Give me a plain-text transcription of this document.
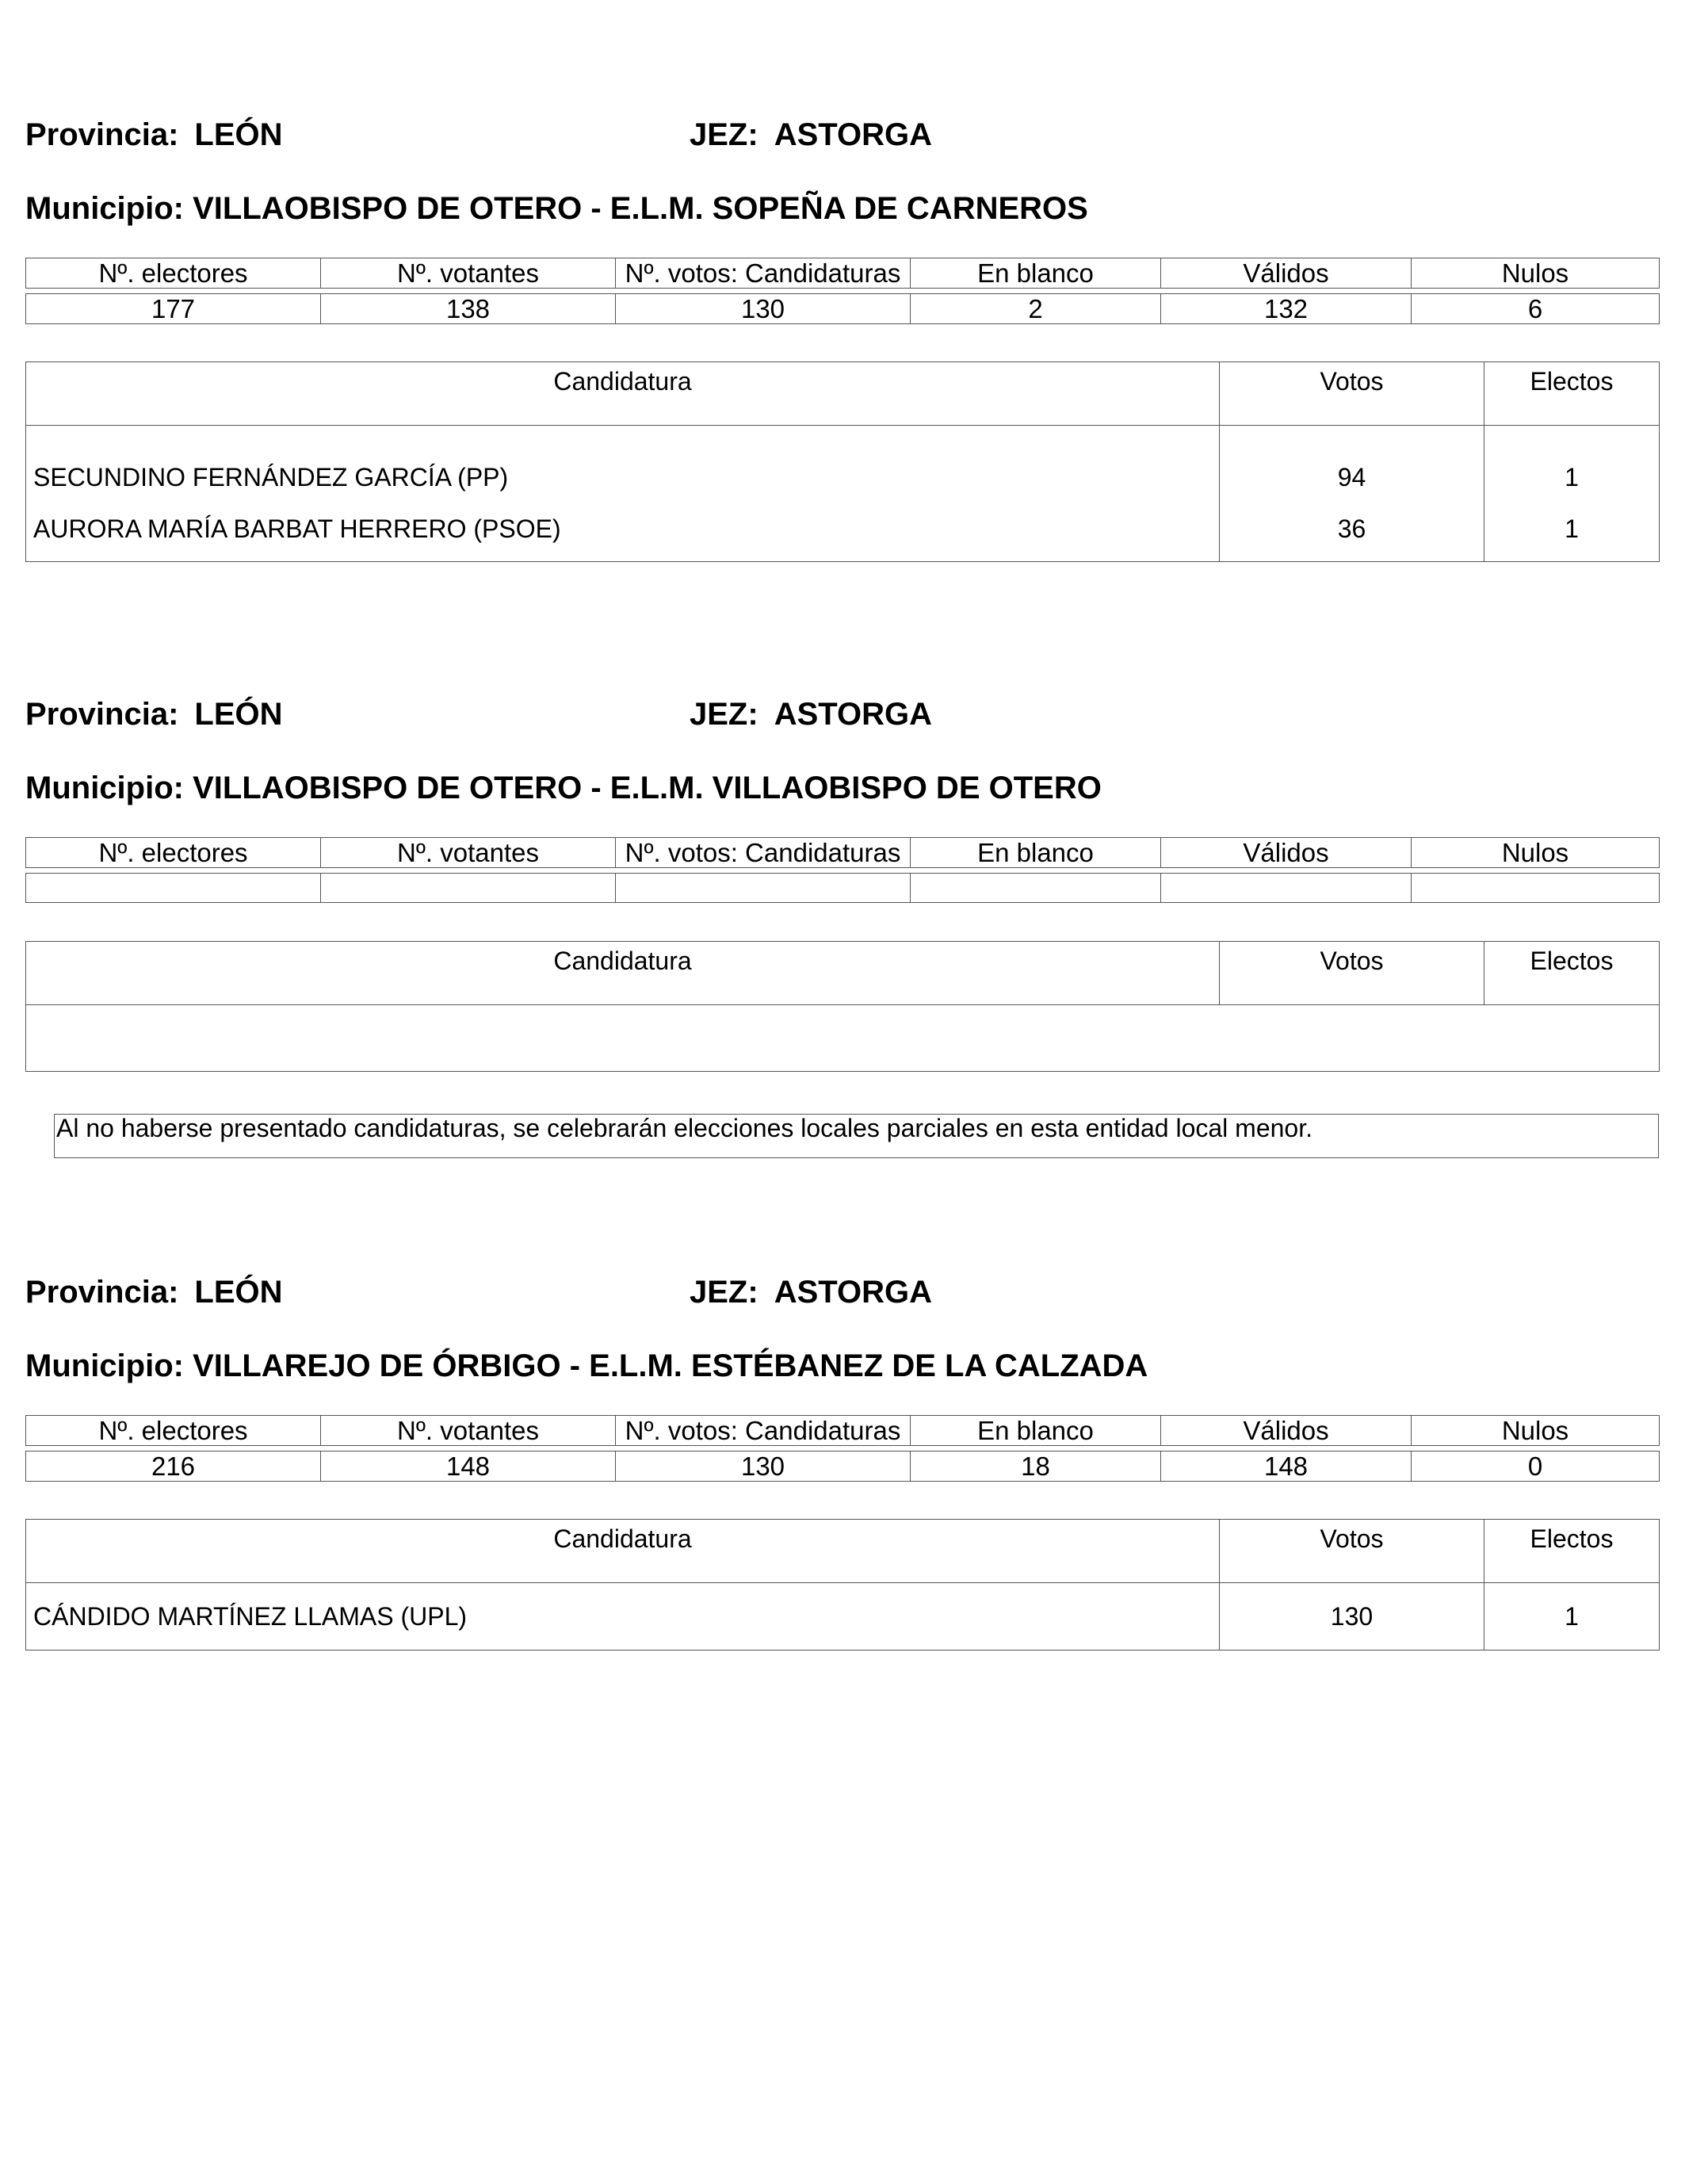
Provincia: LEÓN	JEZ: ASTORGA
Municipio: VILLAOBISPO DE OTERO - E.L.M. SOPEÑA DE CARNEROS
Nº. electores	Nº. votantes	Nº. votos: Candidaturas	En blanco	Válidos	Nulos

177	138	130	2	132	6
Candidatura	Votos	Electos
SECUNDINO FERNÁNDEZ GARCÍA (PP)	94	1
AURORA MARÍA BARBAT HERRERO (PSOE)	36	1
Provincia: LEÓN	JEZ: ASTORGA
Municipio: VILLAOBISPO DE OTERO - E.L.M. VILLAOBISPO DE OTERO
Nº. electores	Nº. votantes	Nº. votos: Candidaturas	En blanco	Válidos	Nulos

Candidatura	Votos	Electos

Al no haberse presentado candidaturas, se celebrarán elecciones locales parciales en esta entidad local menor.
Provincia: LEÓN	JEZ: ASTORGA
Municipio: VILLAREJO DE ÓRBIGO - E.L.M. ESTÉBANEZ DE LA CALZADA
Nº. electores	Nº. votantes	Nº. votos: Candidaturas	En blanco	Válidos	Nulos

216	148	130	18	148	0
Candidatura	Votos	Electos
CÁNDIDO MARTÍNEZ LLAMAS (UPL)	130	1
